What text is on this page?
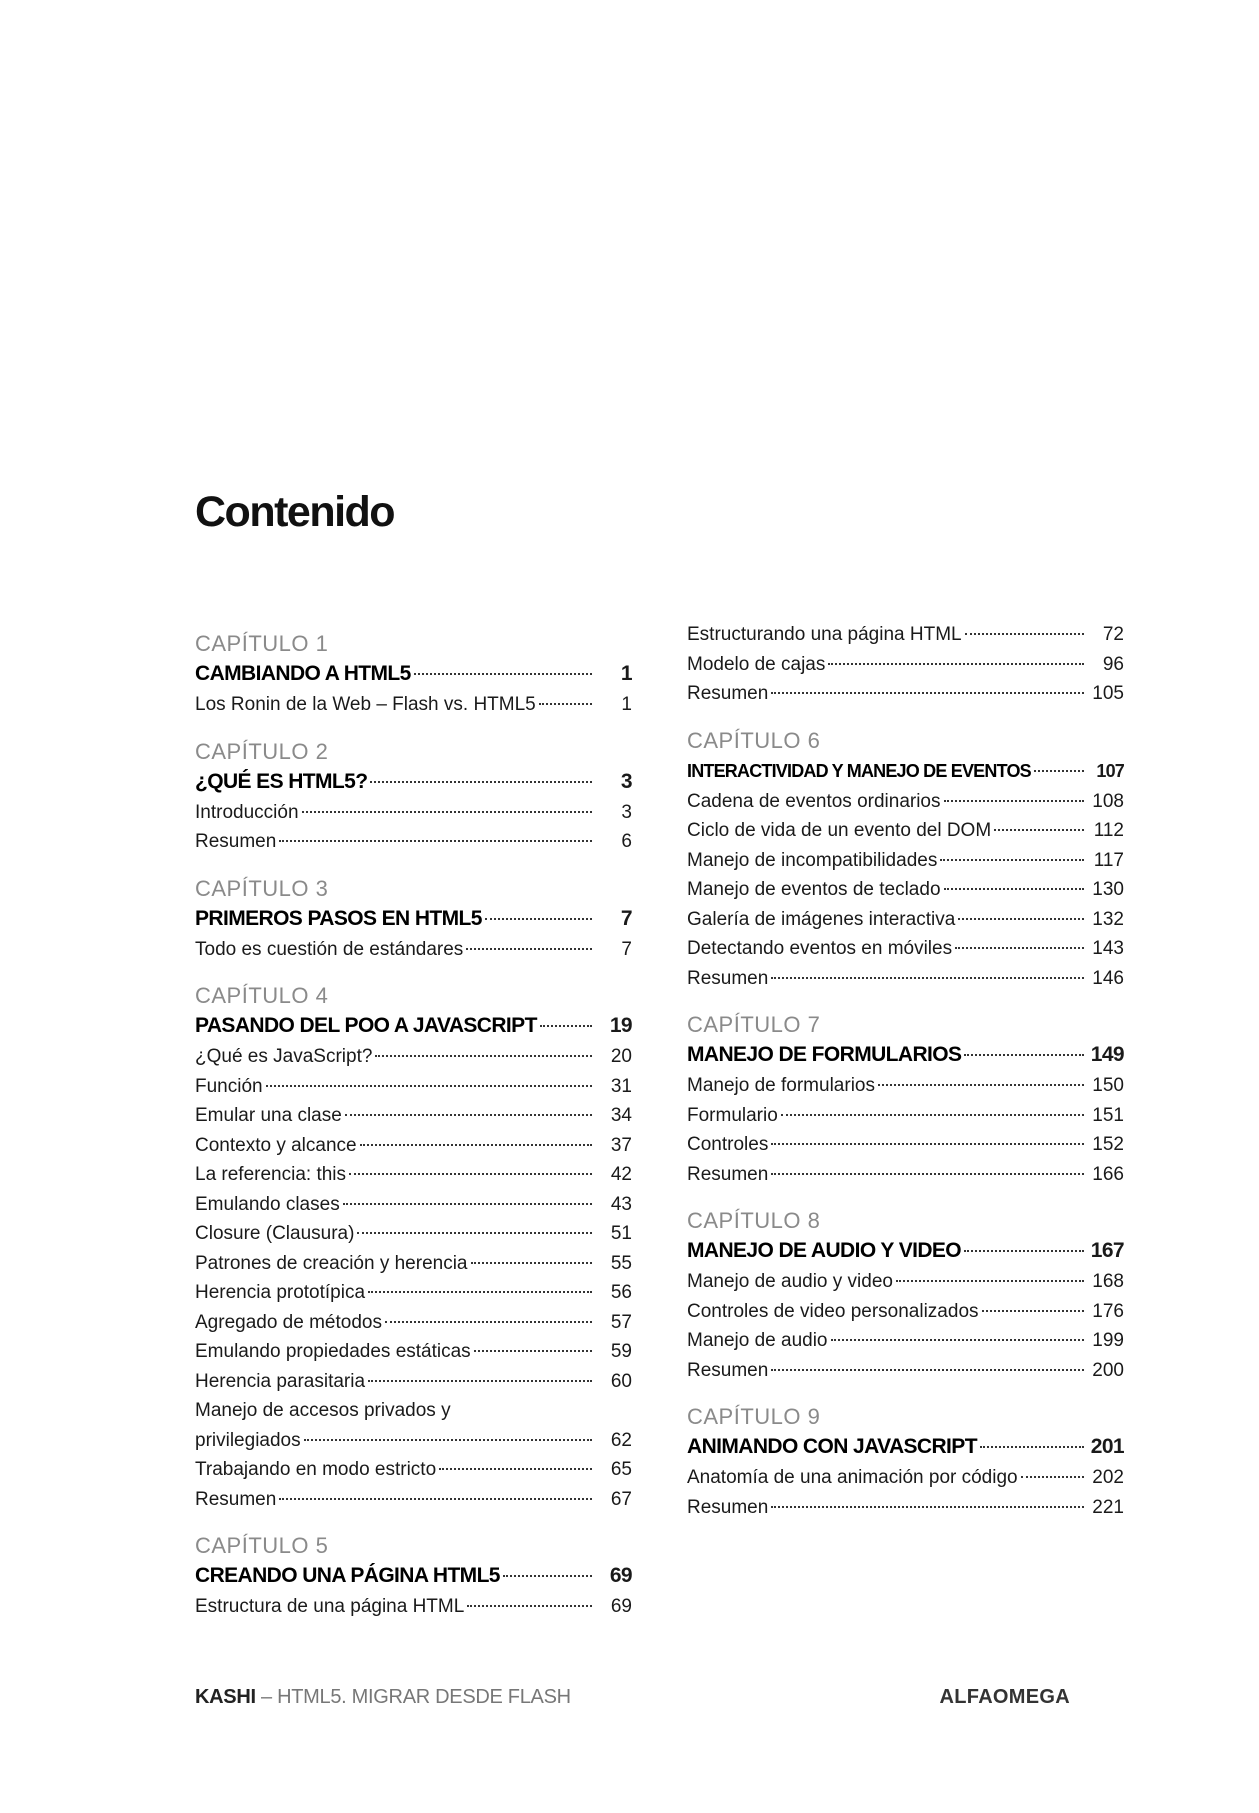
Contenido
CAPÍTULO 1
CAMBIANDO A HTML5	1
Los Ronin de la Web – Flash vs. HTML5	1
CAPÍTULO 2
¿QUÉ ES HTML5?	3
Introducción	3
Resumen	6
CAPÍTULO 3
PRIMEROS PASOS EN HTML5	7
Todo es cuestión de estándares	7
CAPÍTULO 4
PASANDO DEL POO A JAVASCRIPT	19
¿Qué es JavaScript?	20
Función	31
Emular una clase	34
Contexto y alcance	37
La referencia: this	42
Emulando clases	43
Closure (Clausura)	51
Patrones de creación y herencia	55
Herencia prototípica	56
Agregado de métodos	57
Emulando propiedades estáticas	59
Herencia parasitaria	60
Manejo de accesos privados y
privilegiados	62
Trabajando en modo estricto	65
Resumen	67
CAPÍTULO 5
CREANDO UNA PÁGINA HTML5	69
Estructura de una página HTML	69
Estructurando una página HTML	72
Modelo de cajas	96
Resumen	105
CAPÍTULO 6
INTERACTIVIDAD Y MANEJO DE EVENTOS	107
Cadena de eventos ordinarios	108
Ciclo de vida de un evento del DOM	112
Manejo de incompatibilidades	117
Manejo de eventos de teclado	130
Galería de imágenes interactiva	132
Detectando eventos en móviles	143
Resumen	146
CAPÍTULO 7
MANEJO DE FORMULARIOS	149
Manejo de formularios	150
Formulario	151
Controles	152
Resumen	166
CAPÍTULO 8
MANEJO DE AUDIO Y VIDEO	167
Manejo de audio y video	168
Controles de video personalizados	176
Manejo de audio	199
Resumen	200
CAPÍTULO 9
ANIMANDO CON JAVASCRIPT	201
Anatomía de una animación por código	202
Resumen	221
KASHI – HTML5. MIGRAR DESDE FLASH	ALFAOMEGA
